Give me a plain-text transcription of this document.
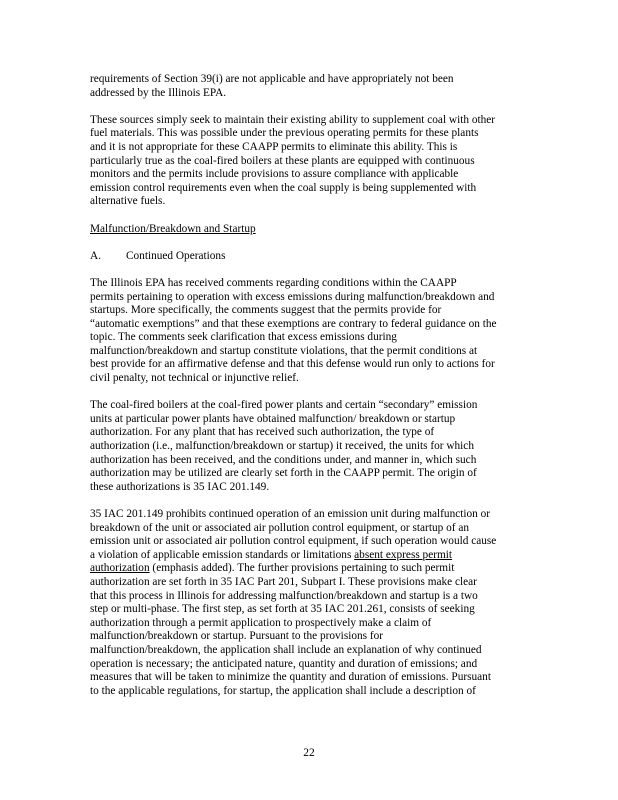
requirements of Section 39(i) are not applicable and have appropriately not been
addressed by the Illinois EPA.

These sources simply seek to maintain their existing ability to supplement coal with other
fuel materials. This was possible under the previous operating permits for these plants
and it is not appropriate for these CAAPP permits to eliminate this ability. This is
particularly true as the coal-fired boilers at these plants are equipped with continuous
monitors and the permits include provisions to assure compliance with applicable
emission control requirements even when the coal supply is being supplemented with
alternative fuels.

Malfunction/Breakdown and Startup

A. Continued Operations

The Illinois EPA has received comments regarding conditions within the CAAPP
permits pertaining to operation with excess emissions during malfunction/breakdown and
startups. More specifically, the comments suggest that the permits provide for
“automatic exemptions” and that these exemptions are contrary to federal guidance on the
topic. The comments seek clarification that excess emissions during
malfunction/breakdown and startup constitute violations, that the permit conditions at
best provide for an affirmative defense and that this defense would run only to actions for
civil penalty, not technical or injunctive relief.

The coal-fired boilers at the coal-fired power plants and certain “secondary” emission
units at particular power plants have obtained malfunction/ breakdown or startup
authorization. For any plant that has received such authorization, the type of
authorization (i.e., malfunction/breakdown or startup) it received, the units for which
authorization has been received, and the conditions under, and manner in, which such
authorization may be utilized are clearly set forth in the CAAPP permit. The origin of
these authorizations is 35 IAC 201.149.

35 IAC 201.149 prohibits continued operation of an emission unit during malfunction or
breakdown of the unit or associated air pollution control equipment, or startup of an
emission unit or associated air pollution control equipment, if such operation would cause
a violation of applicable emission standards or limitations absent express permit
authorization (emphasis added). The further provisions pertaining to such permit
authorization are set forth in 35 IAC Part 201, Subpart I. These provisions make clear
that this process in Illinois for addressing malfunction/breakdown and startup is a two
step or multi-phase. The first step, as set forth at 35 IAC 201.261, consists of seeking
authorization through a permit application to prospectively make a claim of
malfunction/breakdown or startup. Pursuant to the provisions for
malfunction/breakdown, the application shall include an explanation of why continued
operation is necessary; the anticipated nature, quantity and duration of emissions; and
measures that will be taken to minimize the quantity and duration of emissions. Pursuant
to the applicable regulations, for startup, the application shall include a description of

22
